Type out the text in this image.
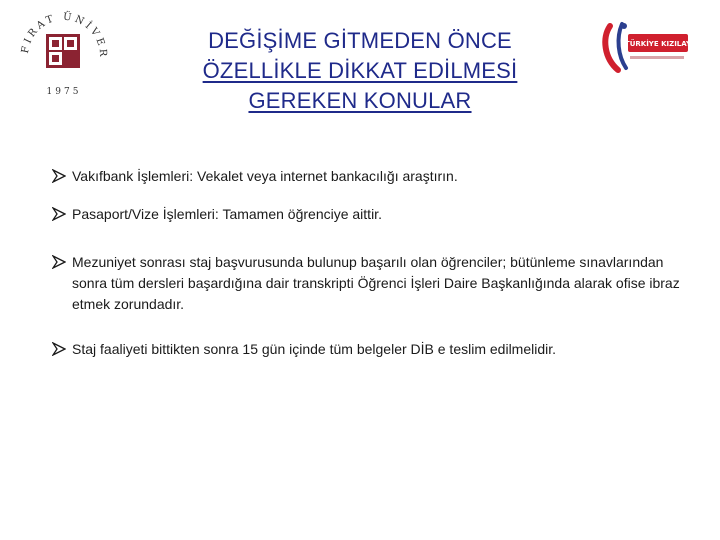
FIRAT ÜNİVER
1975
DEĞİŞİME GİTMEDEN ÖNCE
ÖZELLİKLE DİKKAT EDİLMESİ
GEREKEN KONULAR
TÜRKİYE KIZILAY
Vakıfbank İşlemleri: Vekalet veya internet bankacılığı araştırın.
Pasaport/Vize İşlemleri: Tamamen öğrenciye aittir.
Mezuniyet sonrası staj başvurusunda bulunup başarılı olan öğrenciler; bütünleme sınavlarından sonra tüm dersleri başardığına dair transkripti Öğrenci İşleri Daire Başkanlığında alarak ofise ibraz etmek zorundadır.
Staj faaliyeti bittikten sonra 15 gün içinde tüm belgeler DİB e teslim edilmelidir.
